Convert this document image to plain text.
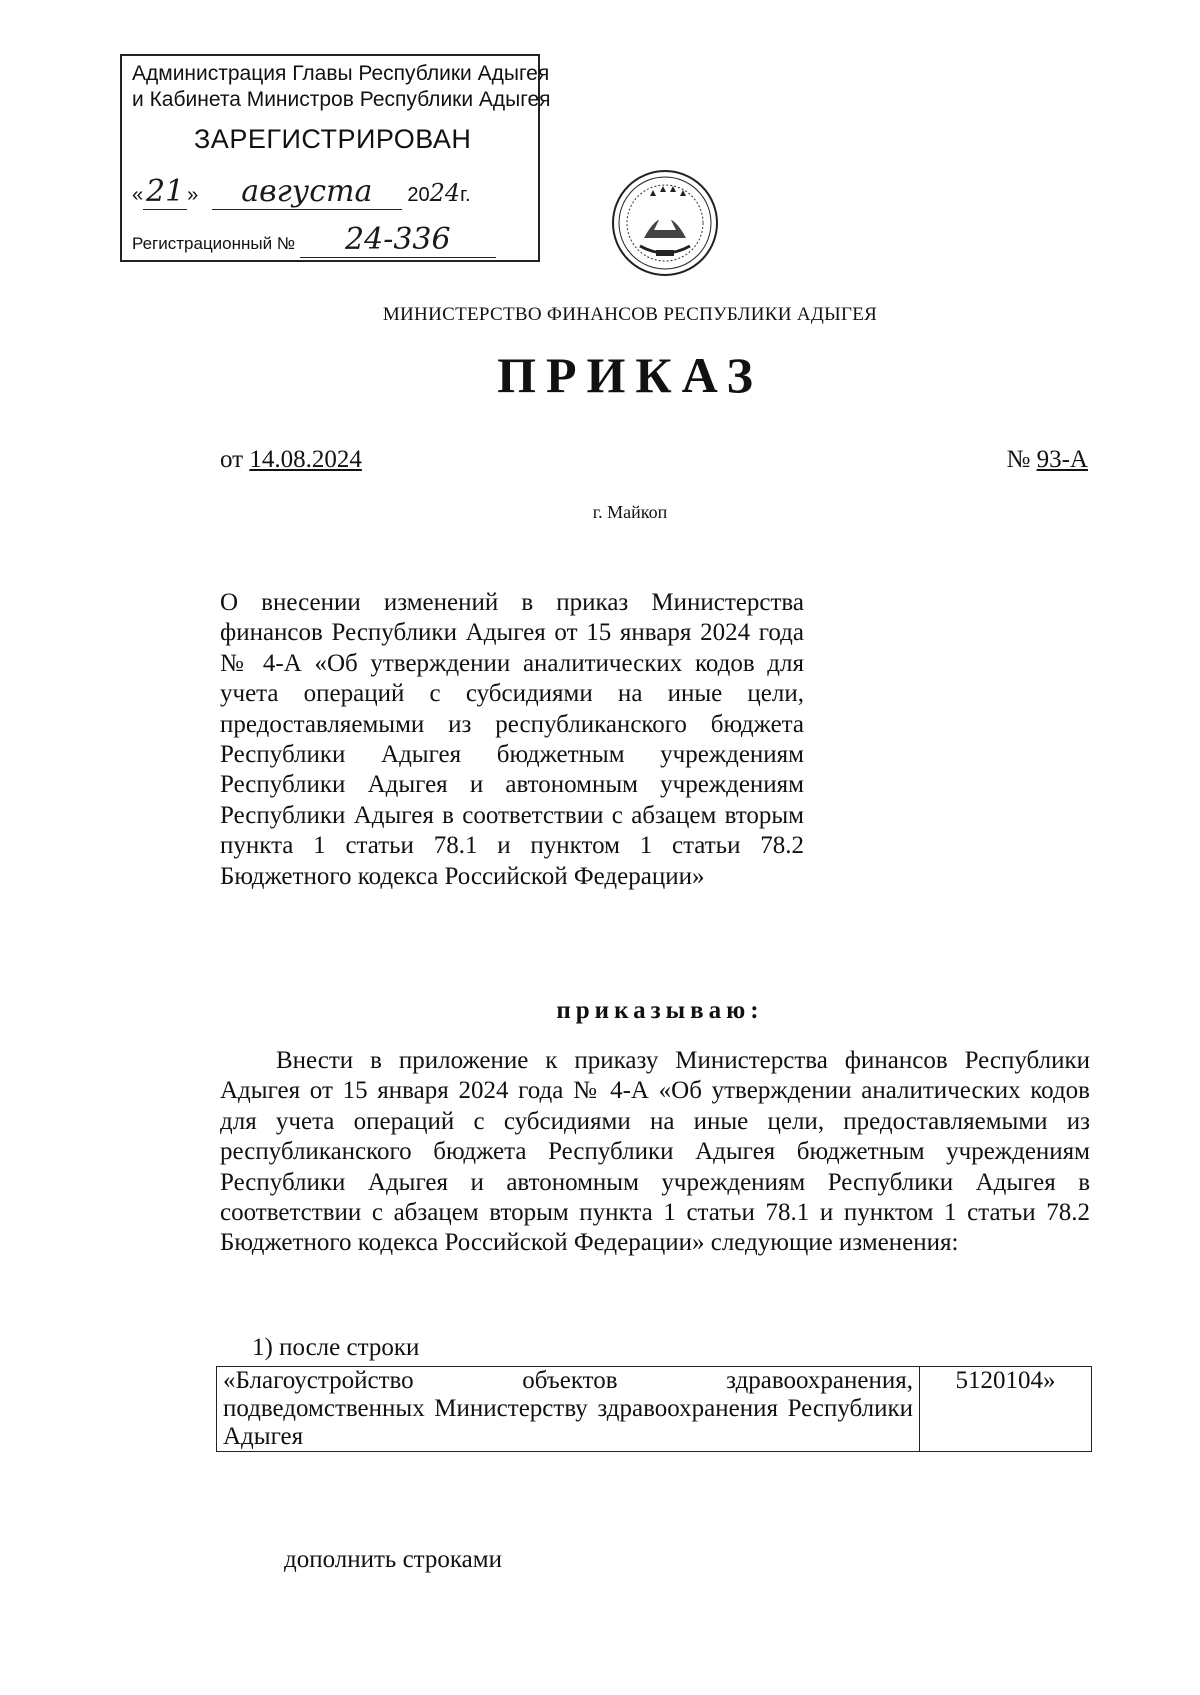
Администрация Главы Республики Адыгея
и Кабинета Министров Республики Адыгея
ЗАРЕГИСТРИРОВАН
«21 » августа 2024г.
Регистрационный № 24-336
МИНИСТЕРСТВО ФИНАНСОВ РЕСПУБЛИКИ АДЫГЕЯ
ПРИКАЗ
от 14.08.2024	№ 93-А
г. Майкоп
О внесении изменений в приказ Министерства финансов Республики Адыгея от 15 января 2024 года № 4-А «Об утверждении аналитических кодов для учета операций с субсидиями на иные цели, предоставляемыми из республиканского бюджета Республики Адыгея бюджетным учреждениям Республики Адыгея и автономным учреждениям Республики Адыгея в соответствии с абзацем вторым пункта 1 статьи 78.1 и пунктом 1 статьи 78.2 Бюджетного кодекса Российской Федерации»
приказываю:
Внести в приложение к приказу Министерства финансов Республики Адыгея от 15 января 2024 года № 4-А «Об утверждении аналитических кодов для учета операций с субсидиями на иные цели, предоставляемыми из республиканского бюджета Республики Адыгея бюджетным учреждениям Республики Адыгея и автономным учреждениям Республики Адыгея в соответствии с абзацем вторым пункта 1 статьи 78.1 и пунктом 1 статьи 78.2 Бюджетного кодекса Российской Федерации» следующие изменения:
1) после строки
«Благоустройство объектов здравоохранения, подведомственных Министерству здравоохранения Республики Адыгея	5120104»
дополнить строками
